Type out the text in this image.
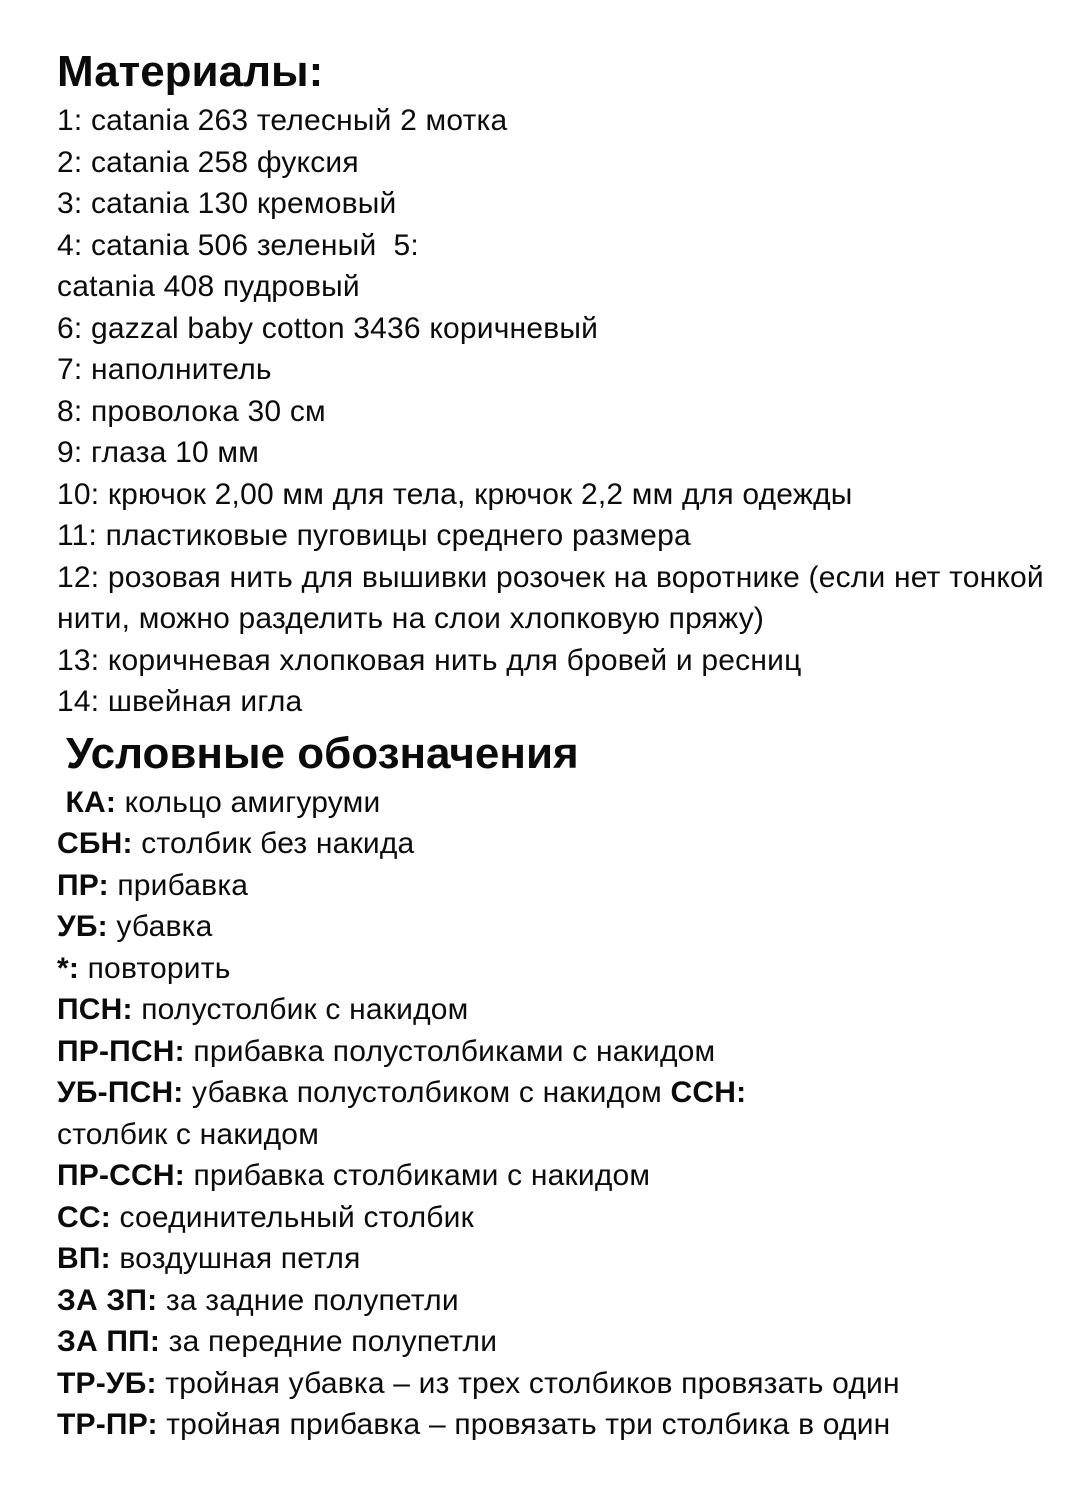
Материалы:
1: catania 263 телесный 2 мотка
2: catania 258 фуксия
3: catania 130 кремовый
4: catania 506 зеленый  5:
catania 408 пудровый
6: gazzal baby cotton 3436 коричневый
7: наполнитель
8: проволока 30 см
9: глаза 10 мм
10: крючок 2,00 мм для тела, крючок 2,2 мм для одежды
11: пластиковые пуговицы среднего размера
12: розовая нить для вышивки розочек на воротнике (если нет тонкой
нити, можно разделить на слои хлопковую пряжу)
13: коричневая хлопковая нить для бровей и ресниц
14: швейная игла
Условные обозначения
КА: кольцо амигуруми
СБН: столбик без накида
ПР: прибавка
УБ: убавка
*: повторить
ПСН: полустолбик с накидом
ПР-ПСН: прибавка полустолбиками с накидом
УБ-ПСН: убавка полустолбиком с накидом ССН:
столбик с накидом
ПР-ССН: прибавка столбиками с накидом
СС: соединительный столбик
ВП: воздушная петля
ЗА ЗП: за задние полупетли
ЗА ПП: за передние полупетли
ТР-УБ: тройная убавка – из трех столбиков провязать один
ТР-ПР: тройная прибавка – провязать три столбика в один
